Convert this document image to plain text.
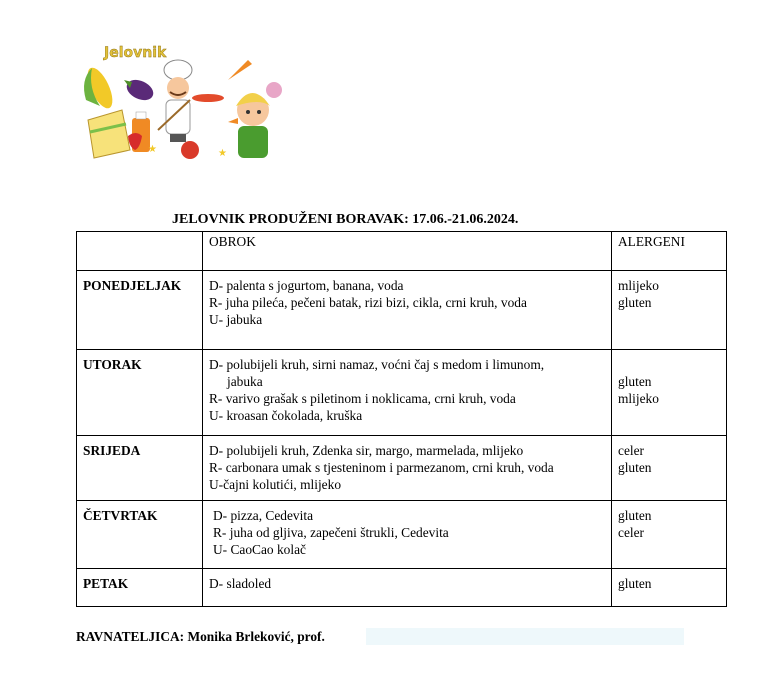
Jelovnik
★	★
JELOVNIK PRODUŽENI BORAVAK: 17.06.-21.06.2024.
	OBROK	ALERGENI
PONEDJELJAK	D- palenta s jogurtom, banana, voda
R- juha pileća, pečeni batak, rizi bizi, cikla, crni kruh, voda
U- jabuka	mlijeko
gluten

UTORAK	D- polubijeli kruh, sirni namaz, voćni čaj s medom i limunom,
jabuka
R- varivo grašak s piletinom i noklicama, crni kruh, voda
U- kroasan čokolada, kruška	gluten
mlijeko

SRIJEDA	D- polubijeli kruh, Zdenka sir, margo, marmelada, mlijeko
R- carbonara umak s tjesteninom i parmezanom, crni kruh, voda
U-čajni kolutići, mlijeko	celer
gluten

ČETVRTAK	D- pizza, Cedevita
R- juha od gljiva, zapečeni štrukli, Cedevita
U- CaoCao kolač	gluten
celer

PETAK	D- sladoled	gluten
RAVNATELJICA: Monika Brleković, prof.
